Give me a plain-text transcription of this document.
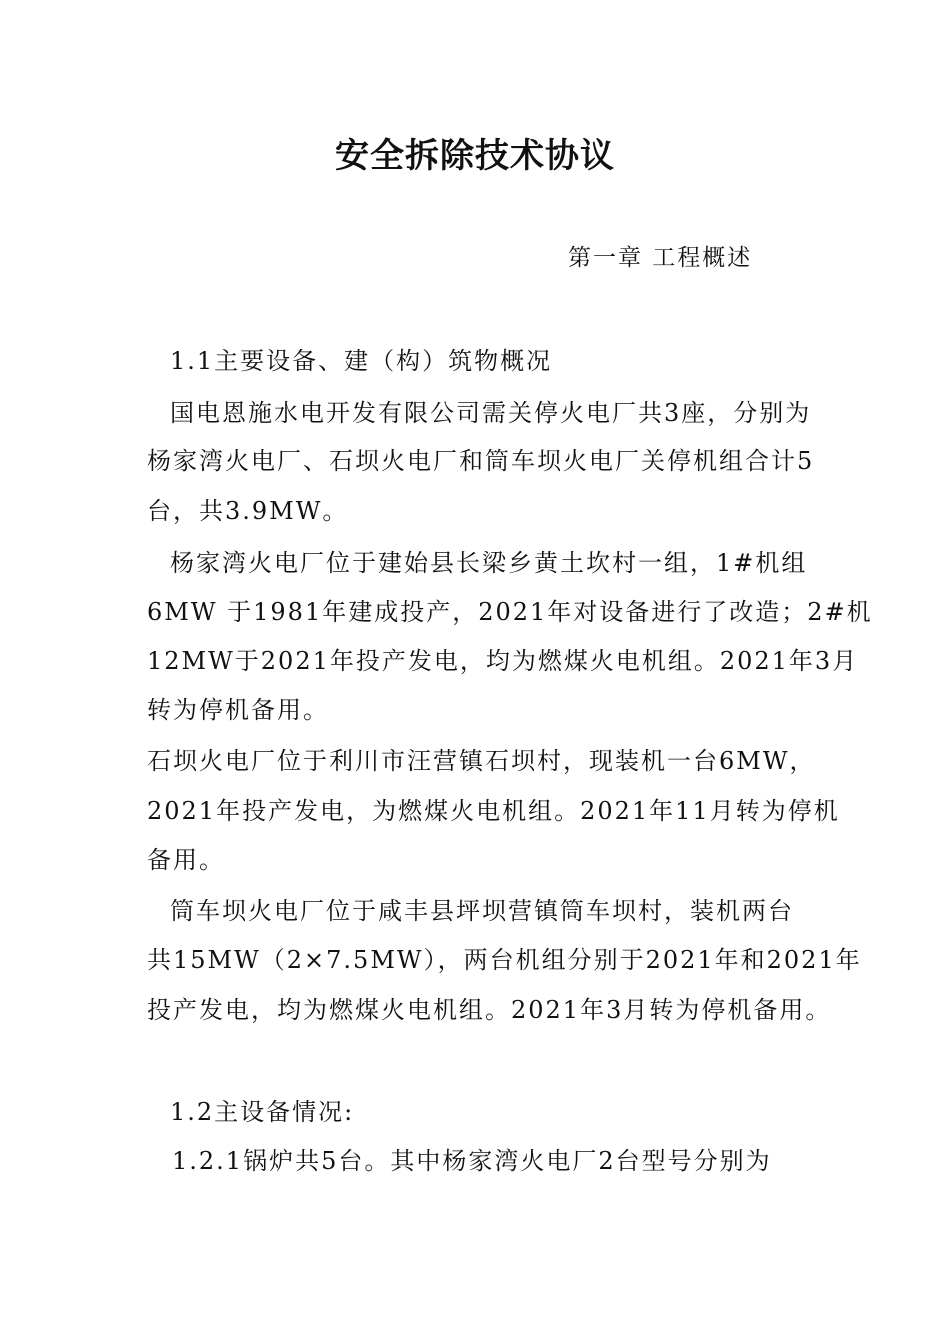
安全拆除技术协议

第一章 工程概述

1.1主要设备、建（构）筑物概况

国电恩施水电开发有限公司需关停火电厂共3座，分别为

杨家湾火电厂、石坝火电厂和筒车坝火电厂关停机组合计5

台，共3.9MW。

杨家湾火电厂位于建始县长梁乡黄土坎村一组，1#机组

6MW 于1981年建成投产，2021年对设备进行了改造；2#机

12MW于2021年投产发电，均为燃煤火电机组。2021年3月

转为停机备用。

石坝火电厂位于利川市汪营镇石坝村，现装机一台6MW，

2021年投产发电，为燃煤火电机组。2021年11月转为停机

备用。

筒车坝火电厂位于咸丰县坪坝营镇筒车坝村，装机两台

共15MW（2×7.5MW），两台机组分别于2021年和2021年

投产发电，均为燃煤火电机组。2021年3月转为停机备用。

1.2主设备情况:

1.2.1锅炉共5台。其中杨家湾火电厂2台型号分别为
